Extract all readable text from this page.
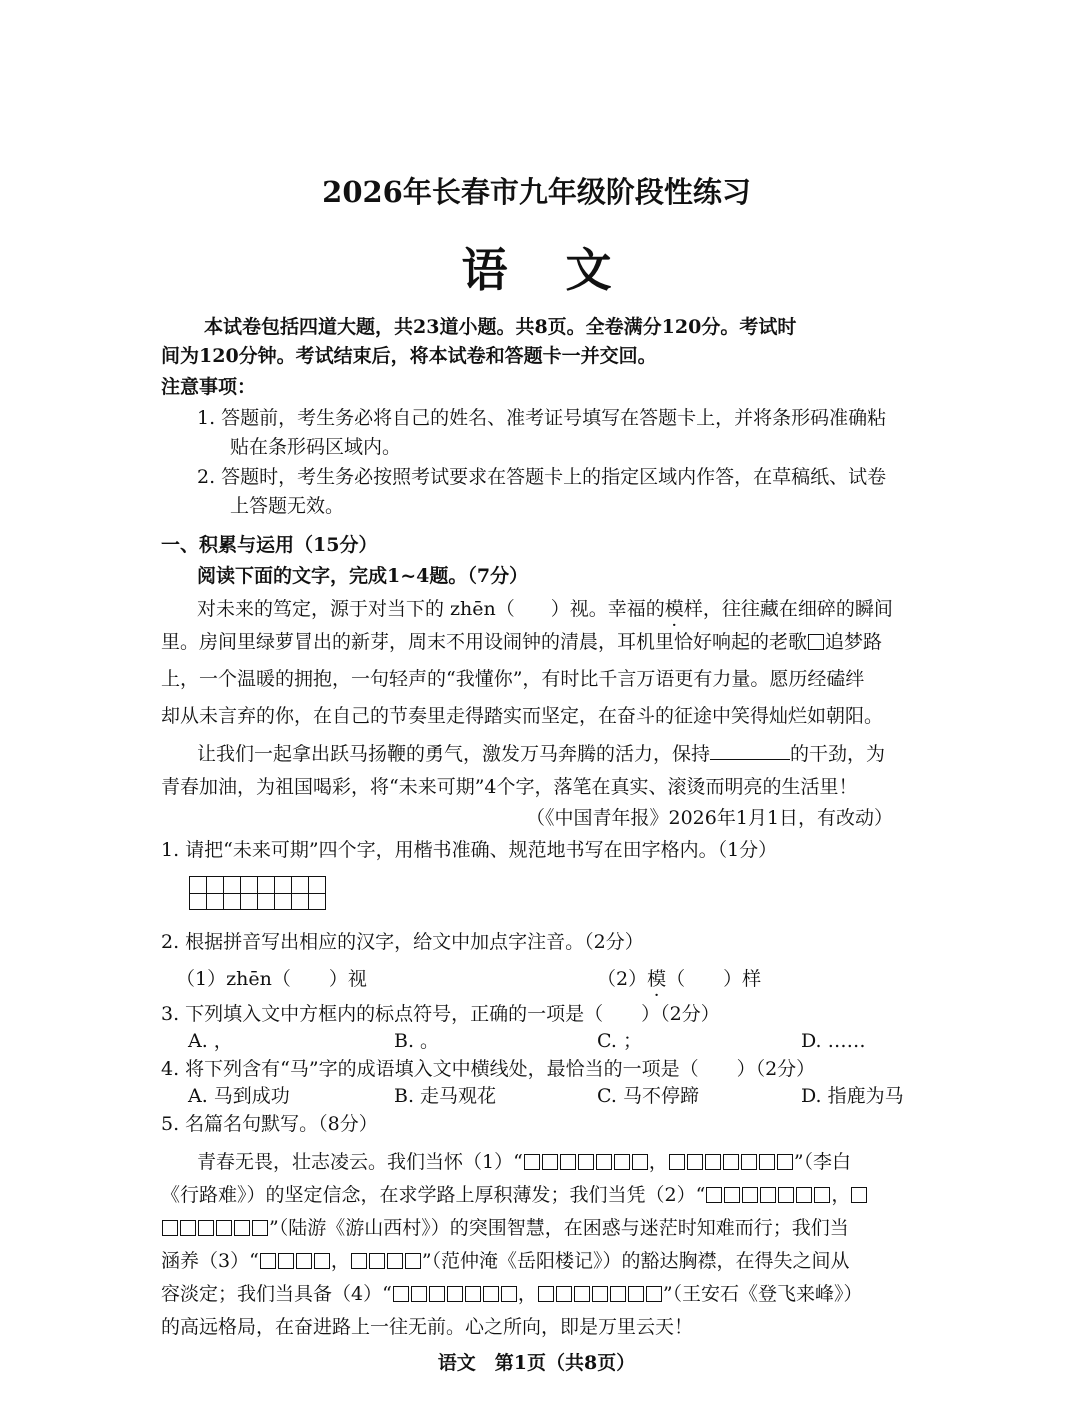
2026年长春市九年级阶段性练习
语文
本试卷包括四道大题，共23道小题。共8页。全卷满分120分。考试时
间为120分钟。考试结束后，将本试卷和答题卡一并交回。
注意事项：
1. 答题前，考生务必将自己的姓名、准考证号填写在答题卡上，并将条形码准确粘
贴在条形码区域内。
2. 答题时，考生务必按照考试要求在答题卡上的指定区域内作答，在草稿纸、试卷
上答题无效。
一、积累与运用（15分）
阅读下面的文字，完成1~4题。（7分）
对未来的笃定，源于对当下的 zhēn（ ）视。幸福的模样，往往藏在细碎的瞬间
里。房间里绿萝冒出的新芽，周末不用设闹钟的清晨，耳机里恰好响起的老歌 追梦路
上，一个温暖的拥抱，一句轻声的“我懂你”，有时比千言万语更有力量。愿历经磕绊
却从未言弃的你，在自己的节奏里走得踏实而坚定，在奋斗的征途中笑得灿烂如朝阳。
让我们一起拿出跃马扬鞭的勇气，激发万马奔腾的活力，保持	的干劲，为
青春加油，为祖国喝彩，将“未来可期”4个字，落笔在真实、滚烫而明亮的生活里！
（《中国青年报》2026年1月1日，有改动）
1. 请把“未来可期”四个字，用楷书准确、规范地书写在田字格内。（1分）
2. 根据拼音写出相应的汉字，给文中加点字注音。（2分）
（1）zhēn（　　）视	（2）模（　　）样
3. 下列填入文中方框内的标点符号，正确的一项是（　　）（2分）
A. ，	B. 。	C. ；	D. ……
4. 将下列含有“马”字的成语填入文中横线处，最恰当的一项是（　　）（2分）
A. 马到成功	B. 走马观花	C. 马不停蹄	D. 指鹿为马
5. 名篇名句默写。（8分）
青春无畏，壮志凌云。我们当怀（1）“	，	”（李白
《行路难》）的坚定信念，在求学路上厚积薄发；我们当凭（2）“	，
”（陆游《游山西村》）的突围智慧，在困惑与迷茫时知难而行；我们当
涵养（3）“	，	”（范仲淹《岳阳楼记》）的豁达胸襟，在得失之间从
容淡定；我们当具备（4）“	，	”（王安石《登飞来峰》）
的高远格局，在奋进路上一往无前。心之所向，即是万里云天！
语文　第1页（共8页）
